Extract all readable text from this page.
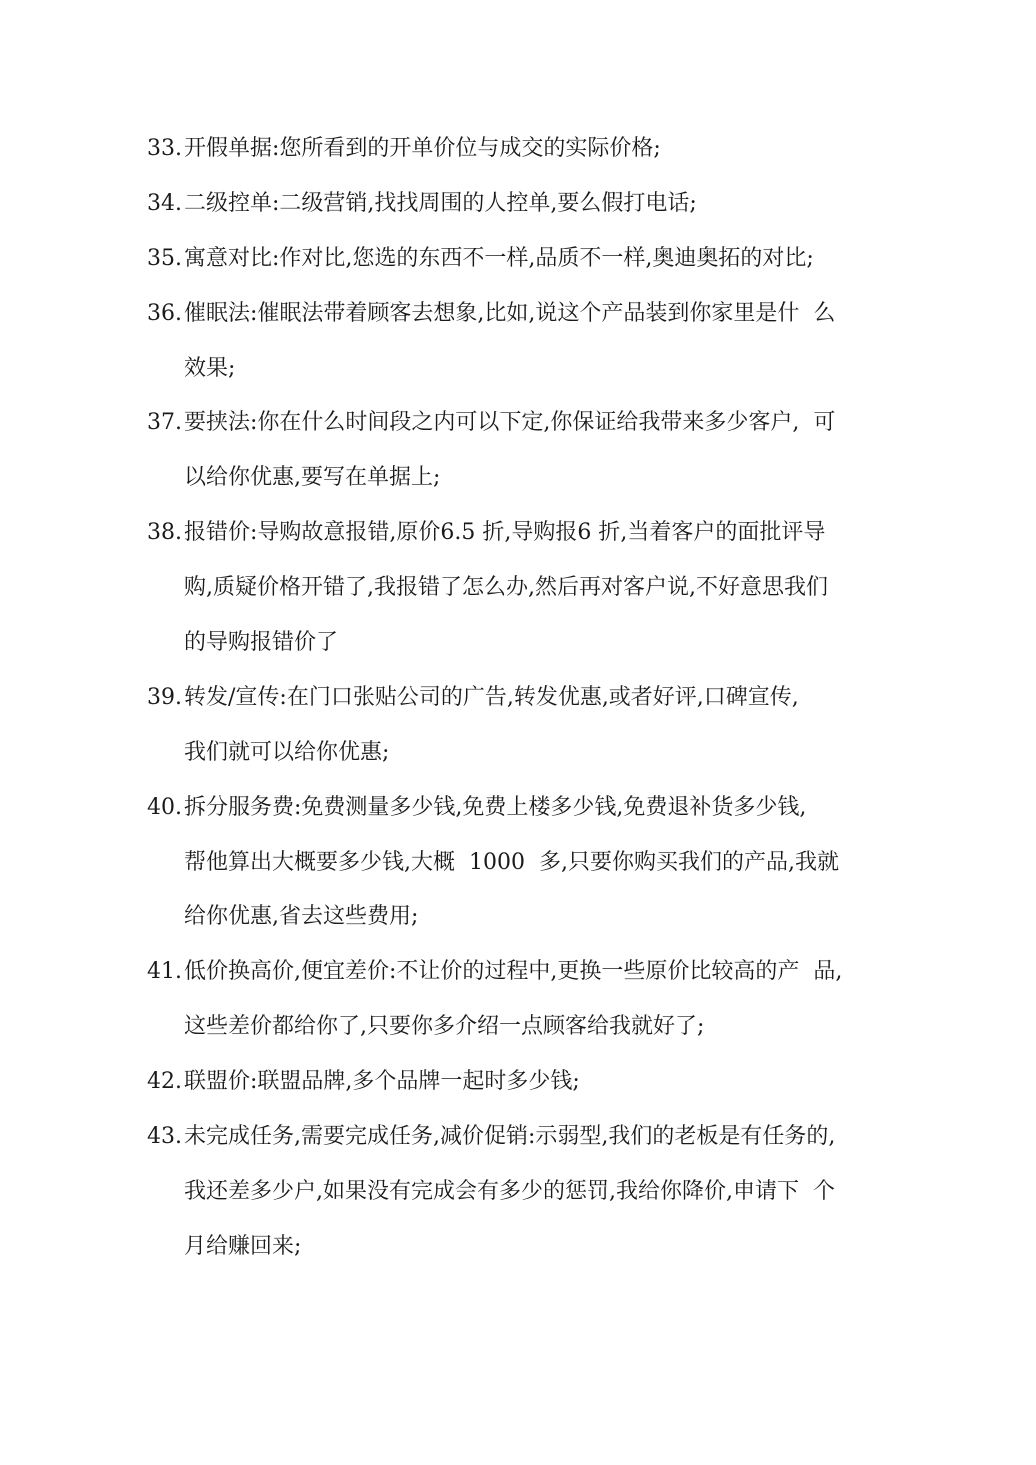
33. 开假单据:您所看到的开单价位与成交的实际价格;
34. 二级控单:二级营销,找找周围的人控单,要么假打电话;
35. 寓意对比:作对比,您选的东西不一样,品质不一样,奥迪奥拓的对比;
36. 催眠法:催眠法带着顾客去想象,比如,说这个产品装到你家里是什  么
效果;
37. 要挟法:你在什么时间段之内可以下定,你保证给我带来多少客户,  可
以给你优惠,要写在单据上;
38. 报错价:导购故意报错,原价6.5 折,导购报6 折,当着客户的面批评导
购,质疑价格开错了,我报错了怎么办,然后再对客户说,不好意思我们
的导购报错价了
39. 转发/宣传:在门口张贴公司的广告,转发优惠,或者好评,口碑宣传,
我们就可以给你优惠;
40. 拆分服务费:免费测量多少钱,免费上楼多少钱,免费退补货多少钱,
帮他算出大概要多少钱,大概  1000  多,只要你购买我们的产品,我就
给你优惠,省去这些费用;
41. 低价换高价,便宜差价:不让价的过程中,更换一些原价比较高的产  品,
这些差价都给你了,只要你多介绍一点顾客给我就好了;
42. 联盟价:联盟品牌,多个品牌一起时多少钱;
43. 未完成任务,需要完成任务,减价促销:示弱型,我们的老板是有任务的,
我还差多少户,如果没有完成会有多少的惩罚,我给你降价,申请下  个
月给赚回来;
